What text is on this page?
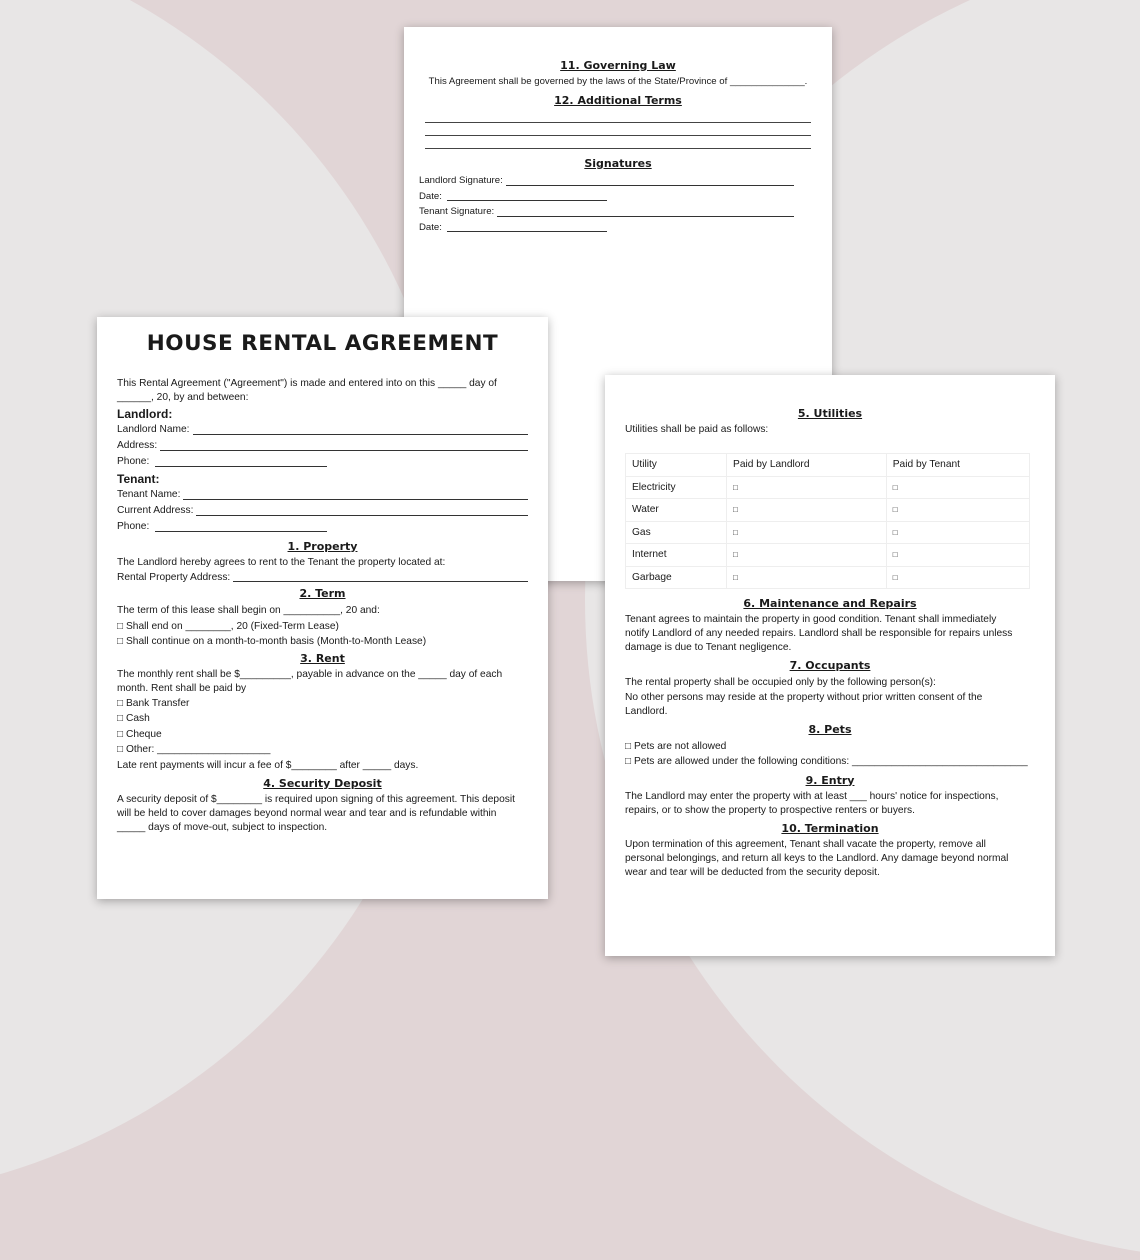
11. Governing Law
This Agreement shall be governed by the laws of the State/Province of ______________.
12. Additional Terms
Signatures
Landlord Signature:
Date:
Tenant Signature:
Date:
HOUSE RENTAL AGREEMENT
This Rental Agreement ("Agreement") is made and entered into on this _____ day of
______, 20, by and between:
Landlord:
Landlord Name:
Address:
Phone:
Tenant:
Tenant Name:
Current Address:
Phone:
1. Property
The Landlord hereby agrees to rent to the Tenant the property located at:
Rental Property Address:
2. Term
The term of this lease shall begin on __________, 20 and:
□ Shall end on ________, 20 (Fixed-Term Lease)
□ Shall continue on a month-to-month basis (Month-to-Month Lease)
3. Rent
The monthly rent shall be $_________, payable in advance on the _____ day of each
month. Rent shall be paid by
□ Bank Transfer
□ Cash
□ Cheque
□ Other: ____________________
Late rent payments will incur a fee of $________ after _____ days.
4. Security Deposit
A security deposit of $________ is required upon signing of this agreement. This deposit
will be held to cover damages beyond normal wear and tear and is refundable within
_____ days of move-out, subject to inspection.
5. Utilities
Utilities shall be paid as follows:
Utility	Paid by Landlord	Paid by Tenant
Electricity	□	□
Water	□	□
Gas	□	□
Internet	□	□
Garbage	□	□
6. Maintenance and Repairs
Tenant agrees to maintain the property in good condition. Tenant shall immediately
notify Landlord of any needed repairs. Landlord shall be responsible for repairs unless
damage is due to Tenant negligence.
7. Occupants
The rental property shall be occupied only by the following person(s):
No other persons may reside at the property without prior written consent of the
Landlord.
8. Pets
□ Pets are not allowed
□ Pets are allowed under the following conditions: _______________________________
9. Entry
The Landlord may enter the property with at least ___ hours' notice for inspections,
repairs, or to show the property to prospective renters or buyers.
10. Termination
Upon termination of this agreement, Tenant shall vacate the property, remove all
personal belongings, and return all keys to the Landlord. Any damage beyond normal
wear and tear will be deducted from the security deposit.
